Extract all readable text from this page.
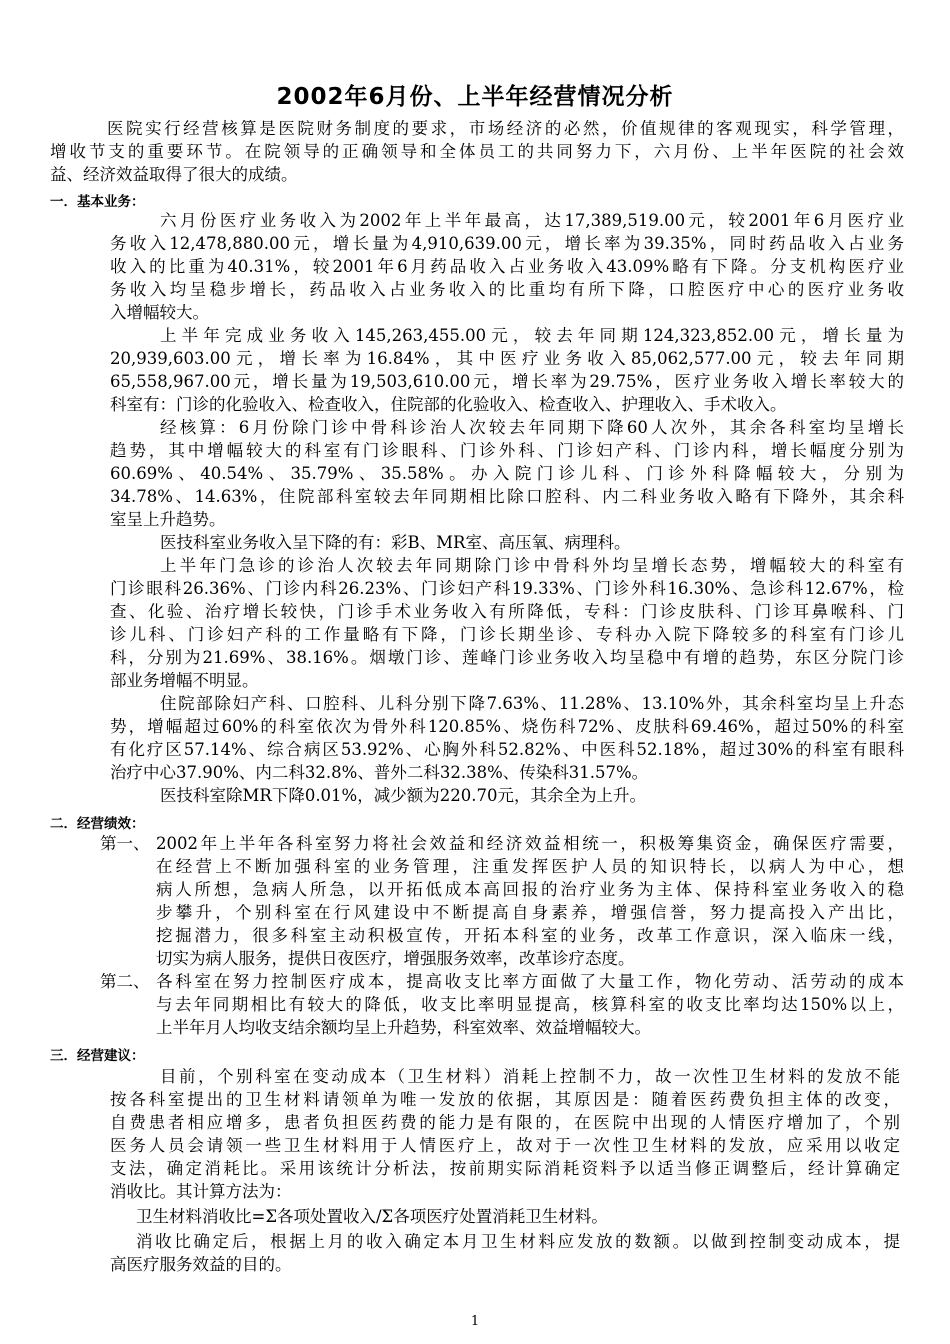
2002年6月份、上半年经营情况分析
医院实行经营核算是医院财务制度的要求，市场经济的必然，价值规律的客观现实，科学管理，
增收节支的重要环节。在院领导的正确领导和全体员工的共同努力下，六月份、上半年医院的社会效
益、经济效益取得了很大的成绩。
一．基本业务：
六月份医疗业务收入为2002年上半年最高，达17,389,519.00元，较2001年6月医疗业
务收入12,478,880.00元，增长量为4,910,639.00元，增长率为39.35%，同时药品收入占业务
收入的比重为40.31%，较2001年6月药品收入占业务收入43.09%略有下降。分支机构医疗业
务收入均呈稳步增长，药品收入占业务收入的比重均有所下降，口腔医疗中心的医疗业务收
入增幅较大。
上半年完成业务收入145,263,455.00元，较去年同期124,323,852.00元，增长量为
20,939,603.00元，增长率为16.84%，其中医疗业务收入85,062,577.00元，较去年同期
65,558,967.00元，增长量为19,503,610.00元，增长率为29.75%，医疗业务收入增长率较大的
科室有：门诊的化验收入、检查收入，住院部的化验收入、检查收入、护理收入、手术收入。
经核算：6月份除门诊中骨科诊治人次较去年同期下降60人次外，其余各科室均呈增长
趋势，其中增幅较大的科室有门诊眼科、门诊外科、门诊妇产科、门诊内科，增长幅度分别为
60.69%、40.54%、35.79%、35.58%。办入院门诊儿科、门诊外科降幅较大，分别为
34.78%、14.63%，住院部科室较去年同期相比除口腔科、内二科业务收入略有下降外，其余科
室呈上升趋势。
医技科室业务收入呈下降的有：彩B、MR室、高压氧、病理科。
上半年门急诊的诊治人次较去年同期除门诊中骨科外均呈增长态势，增幅较大的科室有
门诊眼科26.36%、门诊内科26.23%、门诊妇产科19.33%、门诊外科16.30%、急诊科12.67%，检
查、化验、治疗增长较快，门诊手术业务收入有所降低，专科：门诊皮肤科、门诊耳鼻喉科、门
诊儿科、门诊妇产科的工作量略有下降，门诊长期坐诊、专科办入院下降较多的科室有门诊儿
科，分别为21.69%、38.16%。烟墩门诊、莲峰门诊业务收入均呈稳中有增的趋势，东区分院门诊
部业务增幅不明显。
住院部除妇产科、口腔科、儿科分别下降7.63%、11.28%、13.10%外，其余科室均呈上升态
势，增幅超过60%的科室依次为骨外科120.85%、烧伤科72%、皮肤科69.46%，超过50%的科室
有化疗区57.14%、综合病区53.92%、心胸外科52.82%、中医科52.18%，超过30%的科室有眼科
治疗中心37.90%、内二科32.8%、普外二科32.38%、传染科31.57%。
医技科室除MR下降0.01%，减少额为220.70元，其余全为上升。
二．经营绩效：
第一、 2002年上半年各科室努力将社会效益和经济效益相统一，积极筹集资金，确保医疗需要，
在经营上不断加强科室的业务管理，注重发挥医护人员的知识特长，以病人为中心，想
病人所想，急病人所急，以开拓低成本高回报的治疗业务为主体、保持科室业务收入的稳
步攀升，个别科室在行风建设中不断提高自身素养，增强信誉，努力提高投入产出比，
挖掘潜力，很多科室主动积极宣传，开拓本科室的业务，改革工作意识，深入临床一线，
切实为病人服务，提供日夜医疗，增强服务效率，改革诊疗态度。
第二、 各科室在努力控制医疗成本，提高收支比率方面做了大量工作，物化劳动、活劳动的成本
与去年同期相比有较大的降低，收支比率明显提高，核算科室的收支比率均达150%以上，
上半年月人均收支结余额均呈上升趋势，科室效率、效益增幅较大。
三．经营建议：
目前，个别科室在变动成本（卫生材料）消耗上控制不力，故一次性卫生材料的发放不能
按各科室提出的卫生材料请领单为唯一发放的依据，其原因是：随着医药费负担主体的改变，
自费患者相应增多，患者负担医药费的能力是有限的，在医院中出现的人情医疗增加了，个别
医务人员会请领一些卫生材料用于人情医疗上，故对于一次性卫生材料的发放，应采用以收定
支法，确定消耗比。采用该统计分析法，按前期实际消耗资料予以适当修正调整后，经计算确定
消收比。其计算方法为：
卫生材料消收比=Σ各项处置收入/Σ各项医疗处置消耗卫生材料。
消收比确定后，根据上月的收入确定本月卫生材料应发放的数额。以做到控制变动成本，提
高医疗服务效益的目的。
1
